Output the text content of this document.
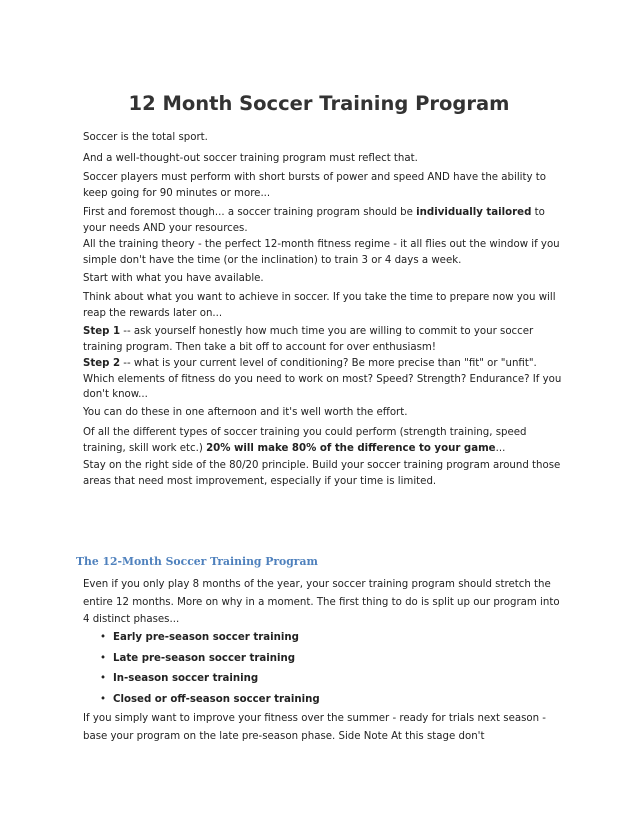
12 Month Soccer Training Program

Soccer is the total sport.

And a well-thought-out soccer training program must reflect that.

Soccer players must perform with short bursts of power and speed AND have the ability to keep going for 90 minutes or more...

First and foremost though... a soccer training program should be individually tailored to your needs AND your resources.

All the training theory - the perfect 12-month fitness regime - it all flies out the window if you simple don't have the time (or the inclination) to train 3 or 4 days a week.

Start with what you have available.

Think about what you want to achieve in soccer. If you take the time to prepare now you will reap the rewards later on...

Step 1 -- ask yourself honestly how much time you are willing to commit to your soccer training program. Then take a bit off to account for over enthusiasm!

Step 2 -- what is your current level of conditioning? Be more precise than "fit" or "unfit". Which elements of fitness do you need to work on most? Speed? Strength? Endurance? If you don't know...

You can do these in one afternoon and it's well worth the effort.

Of all the different types of soccer training you could perform (strength training, speed training, skill work etc.) 20% will make 80% of the difference to your game...

Stay on the right side of the 80/20 principle. Build your soccer training program around those areas that need most improvement, especially if your time is limited.

The 12-Month Soccer Training Program

Even if you only play 8 months of the year, your soccer training program should stretch the entire 12 months. More on why in a moment. The first thing to do is split up our program into 4 distinct phases...

• Early pre-season soccer training
• Late pre-season soccer training
• In-season soccer training
• Closed or off-season soccer training

If you simply want to improve your fitness over the summer - ready for trials next season - base your program on the late pre-season phase. Side Note At this stage don't
